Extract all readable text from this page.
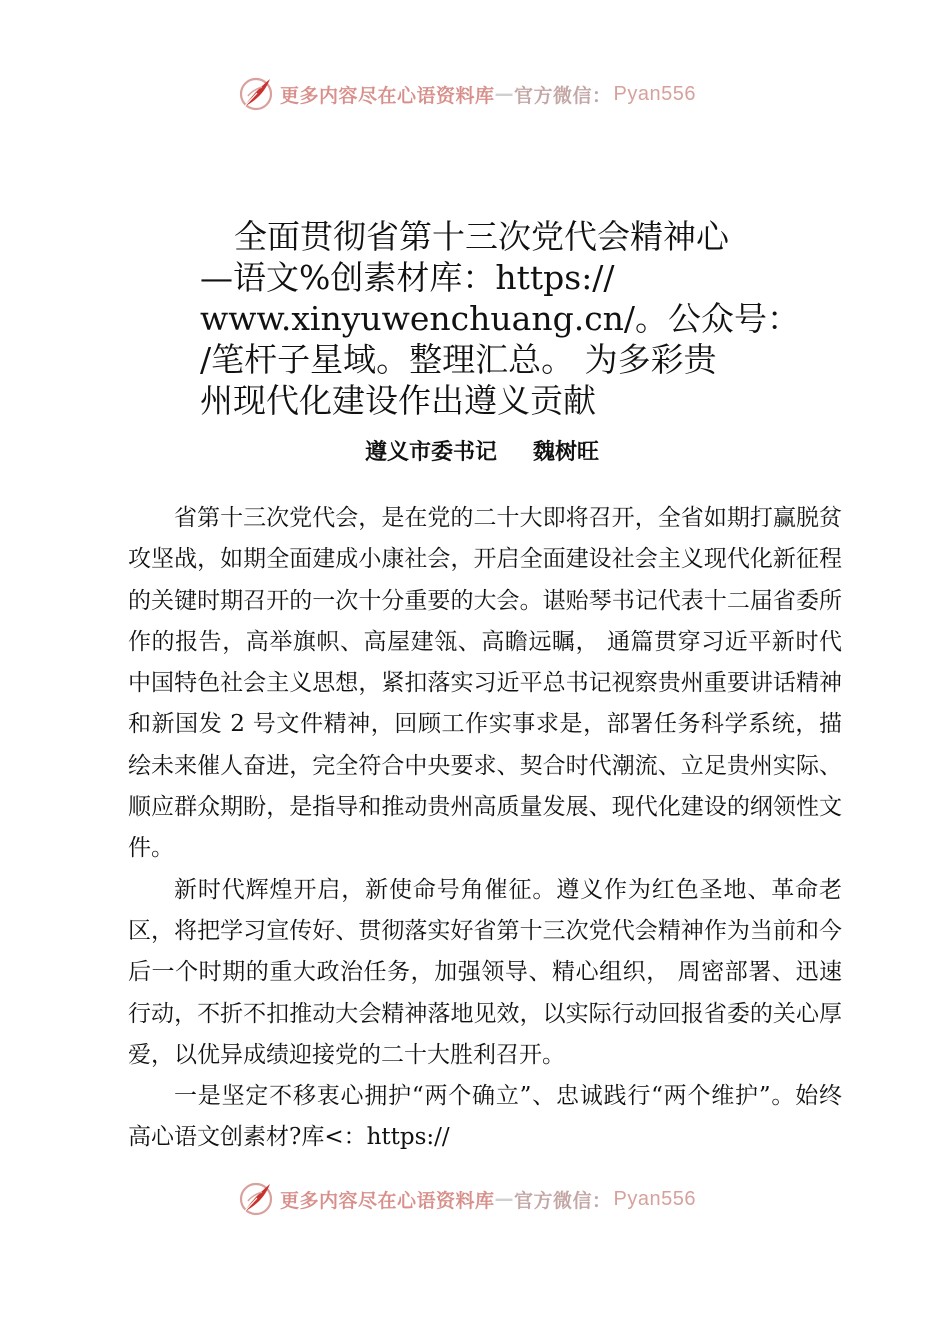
更多内容尽在心语资料库 — 官方微信： Pyan556
全面贯彻省第十三次党代会精神心
—语文%创素材库：https://
www.xinyuwenchuang.cn/。公众号：
/笔杆子星域。整理汇总。 为多彩贵
州现代化建设作出遵义贡献
遵义市委书记 魏树旺

省第十三次党代会，是在党的二十大即将召开，全省如期打赢脱贫攻坚战，如期全面建成小康社会，开启全面建设社会主义现代化新征程的关键时期召开的一次十分重要的大会。谌贻琴书记代表十二届省委所作的报告，高举旗帜、高屋建瓴、高瞻远瞩， 通篇贯穿习近平新时代中国特色社会主义思想，紧扣落实习近平总书记视察贵州重要讲话精神和新国发 2 号文件精神，回顾工作实事求是，部署任务科学系统，描绘未来催人奋进，完全符合中央要求、契合时代潮流、立足贵州实际、顺应群众期盼，是指导和推动贵州高质量发展、现代化建设的纲领性文件。

新时代辉煌开启，新使命号角催征。遵义作为红色圣地、革命老区，将把学习宣传好、贯彻落实好省第十三次党代会精神作为当前和今后一个时期的重大政治任务，加强领导、精心组织， 周密部署、迅速行动，不折不扣推动大会精神落地见效，以实际行动回报省委的关心厚爱，以优异成绩迎接党的二十大胜利召开。

一是坚定不移衷心拥护“两个确立”、忠诚践行“两个维护”。始终高心语文创素材?库<：https://

更多内容尽在心语资料库 — 官方微信： Pyan556
